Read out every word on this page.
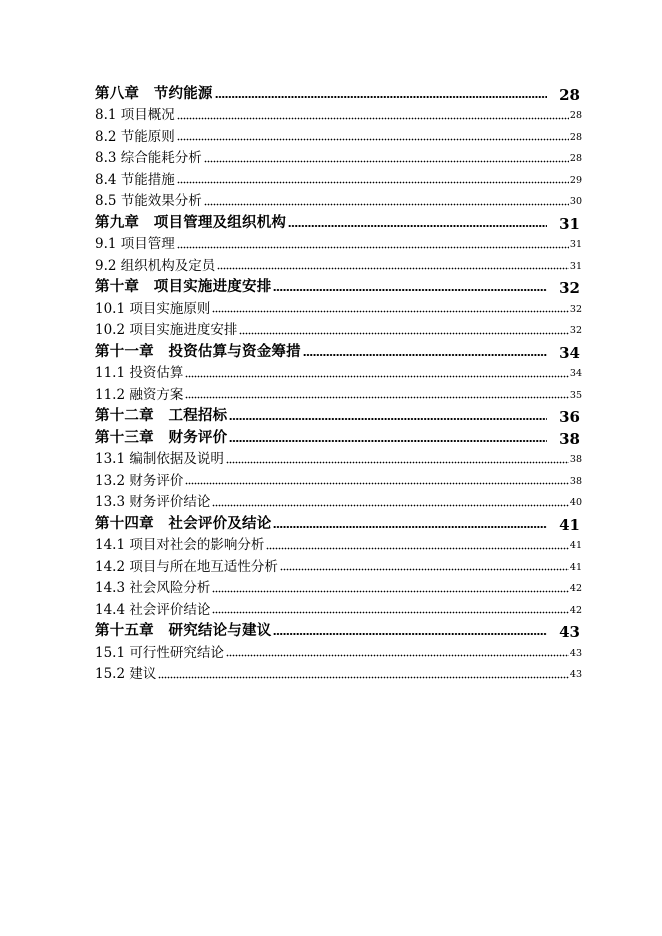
第八章　节约能源	28
8.1 项目概况	28
8.2 节能原则	28
8.3 综合能耗分析	28
8.4 节能措施	29
8.5 节能效果分析	30
第九章　项目管理及组织机构	31
9.1 项目管理	31
9.2 组织机构及定员	31
第十章　项目实施进度安排	32
10.1 项目实施原则	32
10.2 项目实施进度安排	32
第十一章　投资估算与资金筹措	34
11.1 投资估算	34
11.2 融资方案	35
第十二章　工程招标	36
第十三章　财务评价	38
13.1 编制依据及说明	38
13.2 财务评价	38
13.3 财务评价结论	40
第十四章　社会评价及结论	41
14.1 项目对社会的影响分析	41
14.2 项目与所在地互适性分析	41
14.3 社会风险分析	42
14.4 社会评价结论	42
第十五章　研究结论与建议	43
15.1 可行性研究结论	43
15.2 建议	43
